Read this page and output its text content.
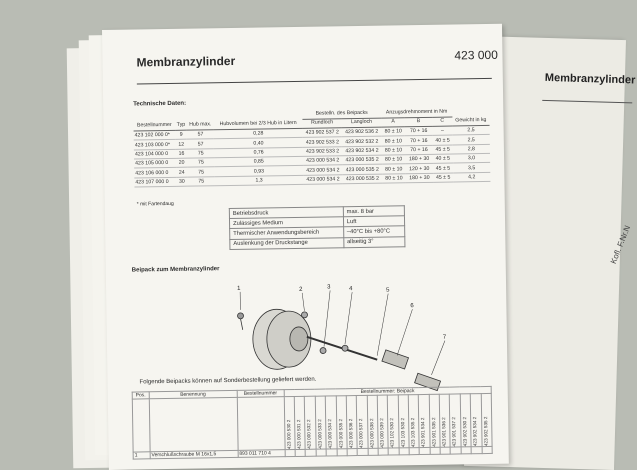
Membranzylinder
Kofl. F.Nr.N
Membranzylinder	423 000
Technische Daten:
Bestellnummer	Typ	Hub max.	Hubvolumen bei 2/3 Hub in Litern	Bestelln. des Beipacks		Anzugsdrehmoment in Nm			Gewicht in kg
				Rundloch	Langloch	A	B	C	
423 102 000 0*	9	57	0,28	423 902 537 2	423 902 536 2	80 ± 10	70 + 16	–	2,5
423 103 000 0*	12	57	0,40	423 902 533 2	423 902 532 2	80 ± 10	70 + 16	40 ± 5	2,5
423 104 000 0	16	75	0,76	423 902 533 2	423 902 534 2	80 ± 10	70 + 16	45 ± 5	2,8
423 105 000 0	20	75	0,85	423 000 534 2	423 000 535 2	80 ± 10	180 + 30	40 ± 5	3,0
423 106 000 0	24	75	0,93	423 000 534 2	423 000 535 2	80 ± 10	120 + 30	45 ± 5	3,5
423 107 000 0	30	75	1,3	423 000 534 2	423 000 535 2	80 ± 10	180 + 30	45 ± 5	4,2
* mit Fartendaug
Betriebsdruck	max. 8 bar
Zulässiges Medium	Luft
Thermischer Anwendungsbereich	–40°C bis +80°C
Auslenkung der Druckstange	allseitig 3°
Beipack zum Membranzylinder
1	2	3	4	5
6
7
Folgende Beipacks können auf Sonderbestellung geliefert werden.
Pos.	Benennung	Bestellnummer	Bestellnummer: Beipack																			

			423 000 530 2	423 000 531 2	423 000 532 2	423 000 533 2	423 000 534 2	423 000 535 2	423 000 536 2	423 000 537 2	423 000 538 2	423 000 539 2	423 102 530 2	423 103 530 2	423 103 535 2	423 901 534 2	423 901 535 2	423 901 536 2	423 901 537 2	423 902 530 2	423 902 534 2	423 902 535 2

1	Verschlußschraube M 16x1,5	893 011 710 4																				
